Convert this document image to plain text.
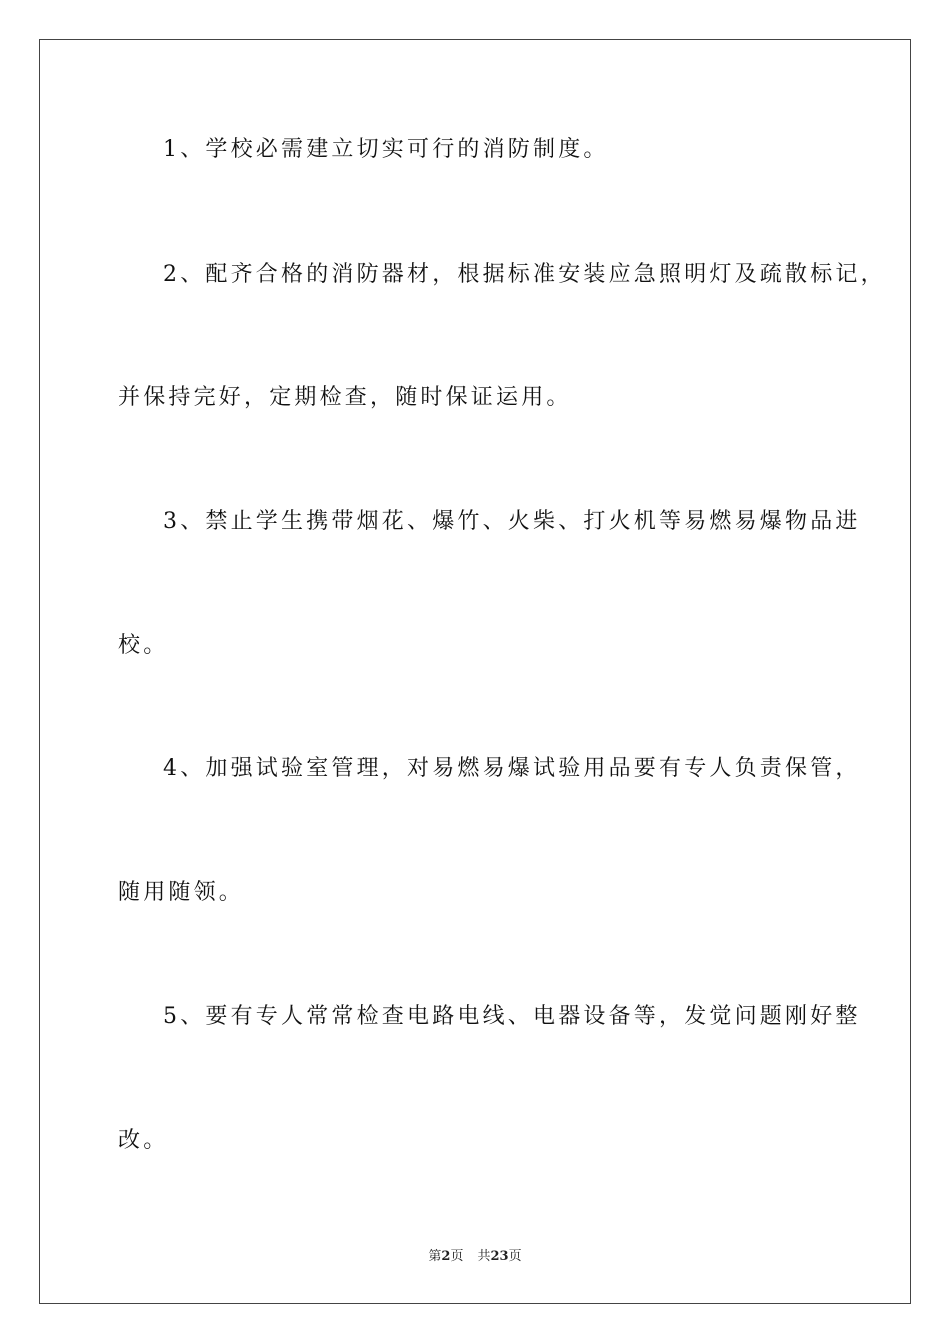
1、学校必需建立切实可行的消防制度。

2、配齐合格的消防器材，根据标准安装应急照明灯及疏散标记，

并保持完好，定期检查，随时保证运用。

3、禁止学生携带烟花、爆竹、火柴、打火机等易燃易爆物品进

校。

4、加强试验室管理，对易燃易爆试验用品要有专人负责保管，

随用随领。

5、要有专人常常检查电路电线、电器设备等，发觉问题刚好整

改。

第2页 共23页
